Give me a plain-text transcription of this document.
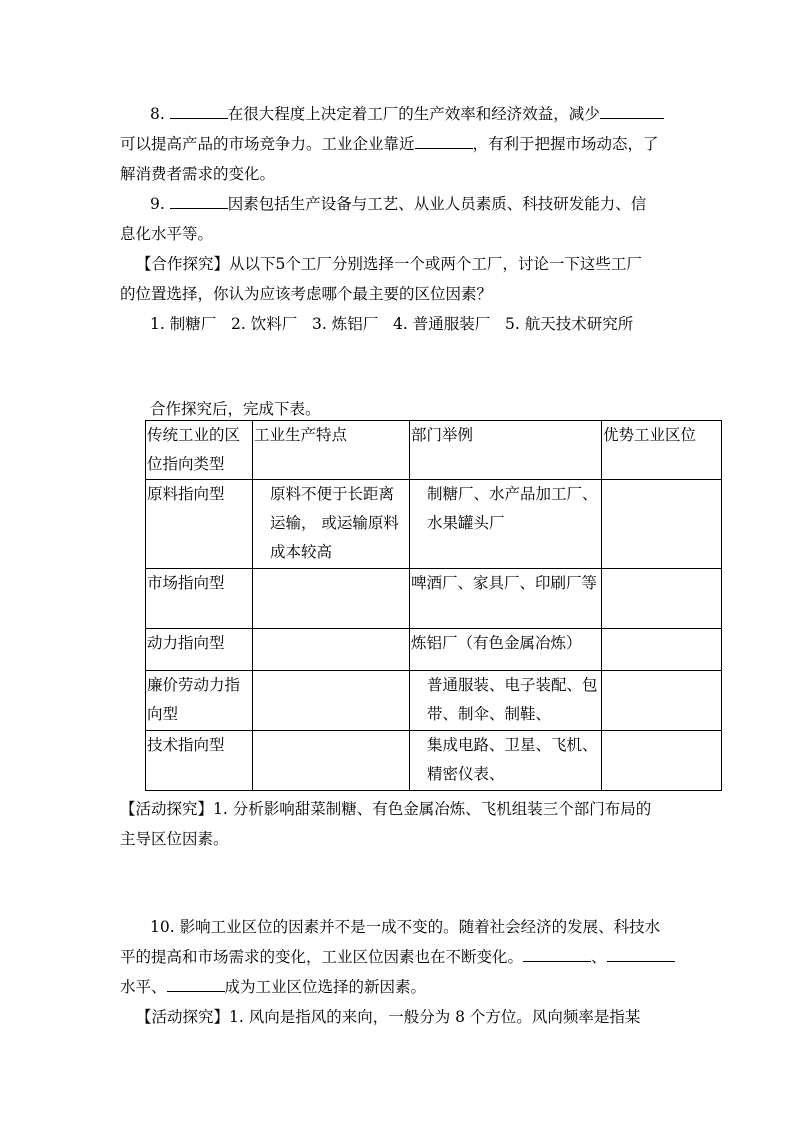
8.	在很大程度上决定着工厂的生产效率和经济效益，减少
可以提高产品的市场竞争力。工业企业靠近	，有利于把握市场动态，了
解消费者需求的变化。
9.	因素包括生产设备与工艺、从业人员素质、科技研发能力、信
息化水平等。
【合作探究】从以下5个工厂分别选择一个或两个工厂，讨论一下这些工厂
的位置选择，你认为应该考虑哪个最主要的区位因素？
1. 制糖厂   2. 饮料厂   3. 炼铝厂   4. 普通服装厂   5. 航天技术研究所
合作探究后，完成下表。
传统工业的区位指向类型	工业生产特点	部门举例	优势工业区位
原料指向型	原料不便于长距离运输， 或运输原料成本较高	制糖厂、水产品加工厂、水果罐头厂	

市场指向型		啤酒厂、家具厂、印刷厂等	
动力指向型		炼铝厂（有色金属冶炼）	
廉价劳动力指向型		普通服装、电子装配、包带、制伞、制鞋、	

技术指向型		集成电路、卫星、飞机、精密仪表、	

【活动探究】1. 分析影响甜菜制糖、有色金属冶炼、飞机组装三个部门布局的
主导区位因素。
10. 影响工业区位的因素并不是一成不变的。随着社会经济的发展、科技水
平的提高和市场需求的变化，工业区位因素也在不断变化。	、
水平、	成为工业区位选择的新因素。
【活动探究】1. 风向是指风的来向，一般分为 8 个方位。风向频率是指某
